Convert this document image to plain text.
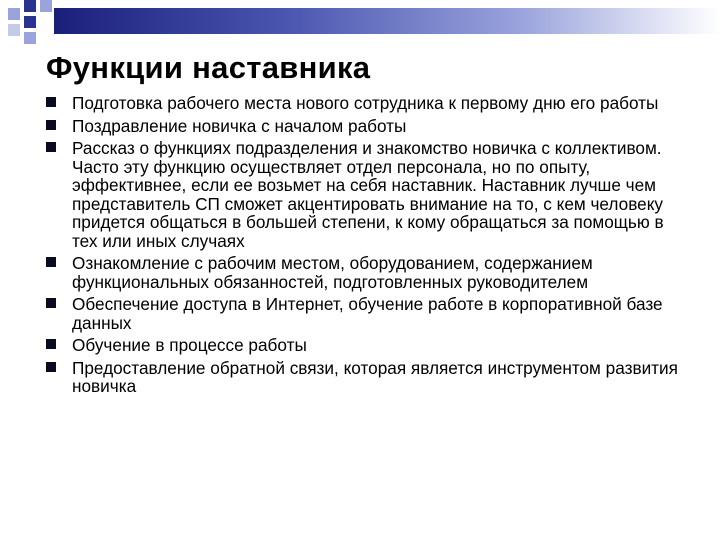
Функции наставника
Подготовка рабочего места нового сотрудника к первому дню его работы
Поздравление новичка с началом работы
Рассказ о функциях подразделения и знакомство новичка с коллективом. Часто эту функцию осуществляет отдел персонала, но по опыту, эффективнее, если ее возьмет на себя наставник. Наставник лучше чем представитель СП сможет акцентировать внимание на то, с кем человеку придется общаться в большей степени, к кому обращаться за помощью в тех или иных случаях
Ознакомление с рабочим местом, оборудованием, содержанием функциональных обязанностей, подготовленных руководителем
Обеспечение доступа в Интернет, обучение работе в корпоративной базе данных
Обучение в процессе работы
Предоставление обратной связи, которая является инструментом развития новичка
